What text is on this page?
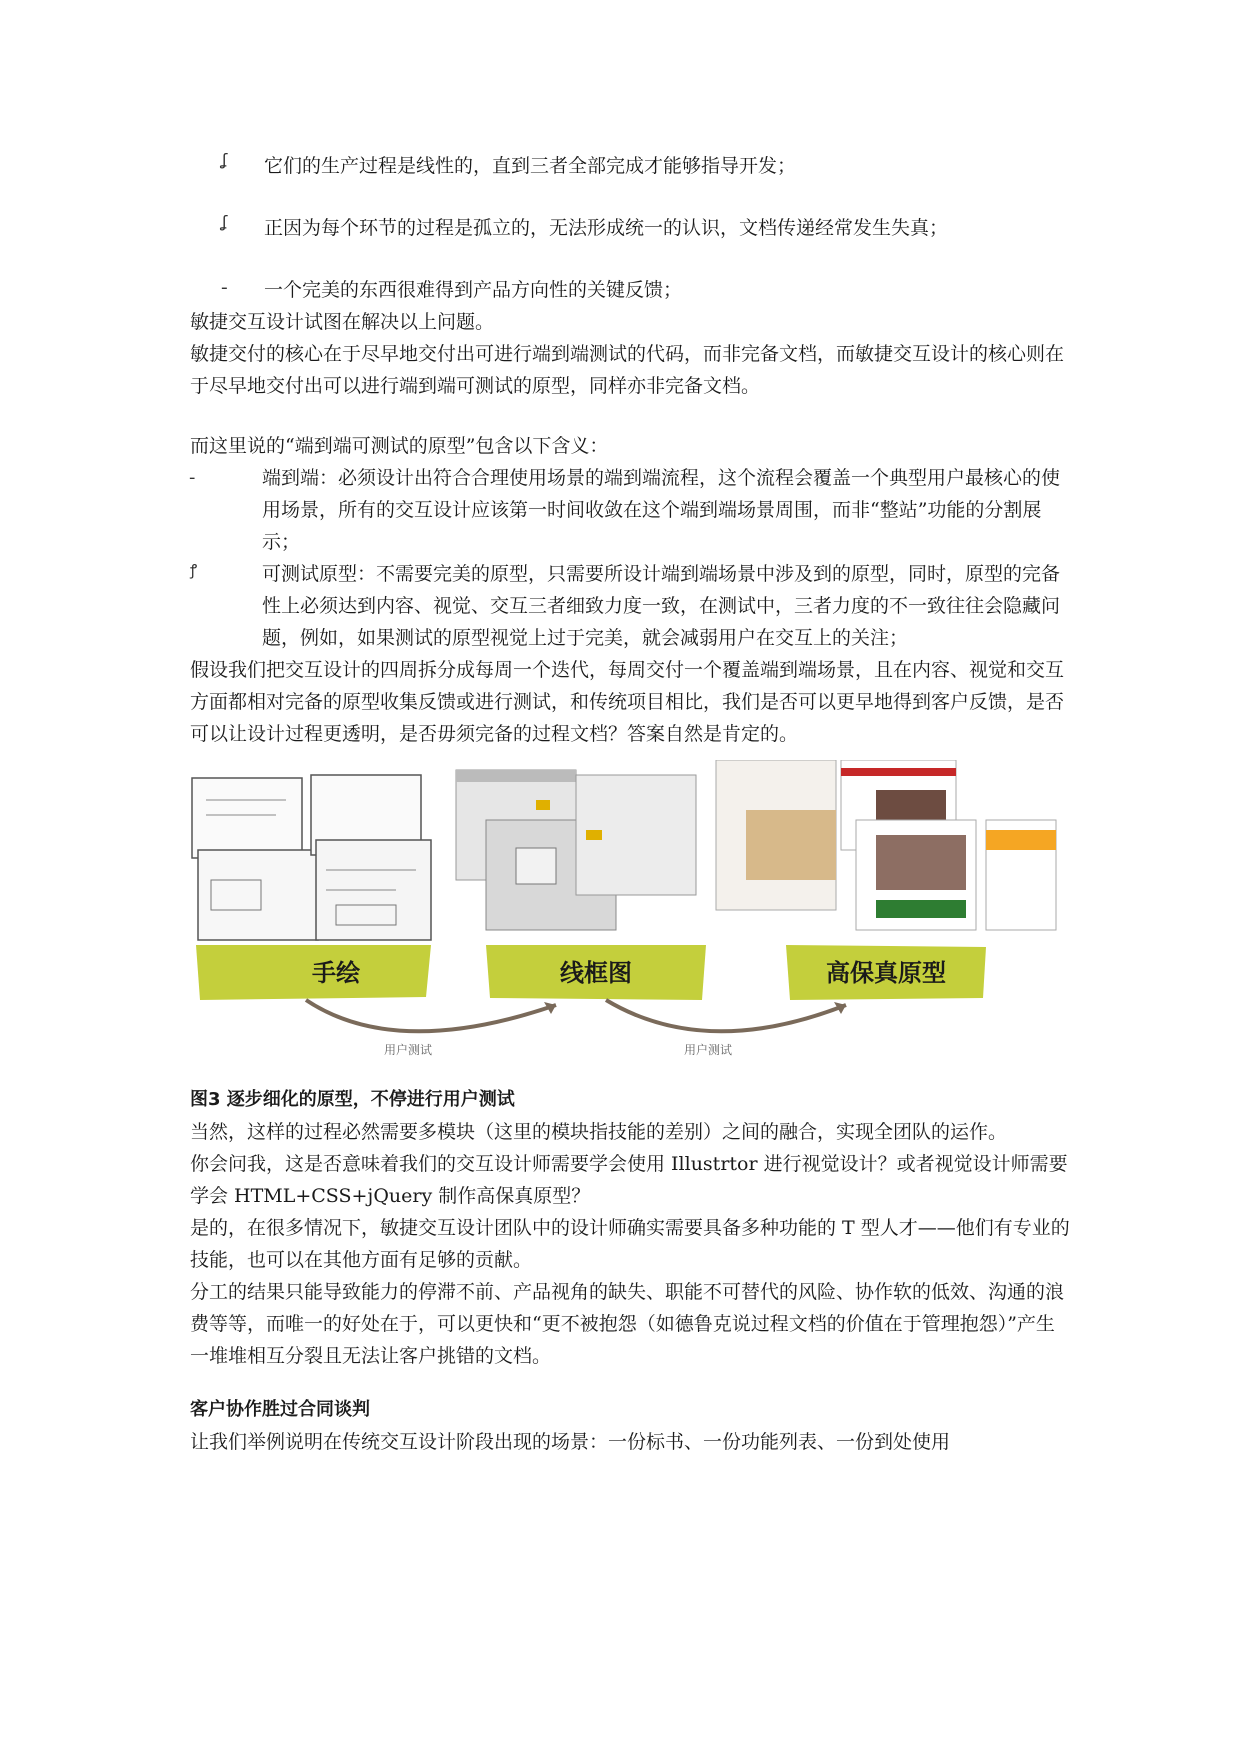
ʆ 它们的生产过程是线性的，直到三者全部完成才能够指导开发；
ʆ 正因为每个环节的过程是孤立的，无法形成统一的认识，文档传递经常发生失真；
ـ 一个完美的东西很难得到产品方向性的关键反馈；

敏捷交互设计试图在解决以上问题。

敏捷交付的核心在于尽早地交付出可进行端到端测试的代码，而非完备文档，而敏捷交互设计的核心则在于尽早地交付出可以进行端到端可测试的原型，同样亦非完备文档。

而这里说的“端到端可测试的原型”包含以下含义：

ـ	端到端：必须设计出符合合理使用场景的端到端流程，这个流程会覆盖一个典型用户最核心的使用场景，所有的交互设计应该第一时间收敛在这个端到端场景周围，而非“整站”功能的分割展示；

ꝭ	可测试原型：不需要完美的原型，只需要所设计端到端场景中涉及到的原型，同时，原型的完备性上必须达到内容、视觉、交互三者细致力度一致，在测试中，三者力度的不一致往往会隐藏问题，例如，如果测试的原型视觉上过于完美，就会减弱用户在交互上的关注；

假设我们把交互设计的四周拆分成每周一个迭代，每周交付一个覆盖端到端场景，且在内容、视觉和交互方面都相对完备的原型收集反馈或进行测试，和传统项目相比，我们是否可以更早地得到客户反馈，是否可以让设计过程更透明，是否毋须完备的过程文档？答案自然是肯定的。

手绘	线框图	高保真原型
用户测试	用户测试

图3 逐步细化的原型，不停进行用户测试

当然，这样的过程必然需要多模块（这里的模块指技能的差别）之间的融合，实现全团队的运作。

你会问我，这是否意味着我们的交互设计师需要学会使用 Illustrtor 进行视觉设计？或者视觉设计师需要学会 HTML+CSS+jQuery 制作高保真原型？

是的，在很多情况下，敏捷交互设计团队中的设计师确实需要具备多种功能的 T 型人才——他们有专业的技能，也可以在其他方面有足够的贡献。

分工的结果只能导致能力的停滞不前、产品视角的缺失、职能不可替代的风险、协作软的低效、沟通的浪费等等，而唯一的好处在于，可以更快和“更不被抱怨（如德鲁克说过程文档的价值在于管理抱怨）”产生一堆堆相互分裂且无法让客户挑错的文档。

客户协作胜过合同谈判

让我们举例说明在传统交互设计阶段出现的场景：一份标书、一份功能列表、一份到处使用
